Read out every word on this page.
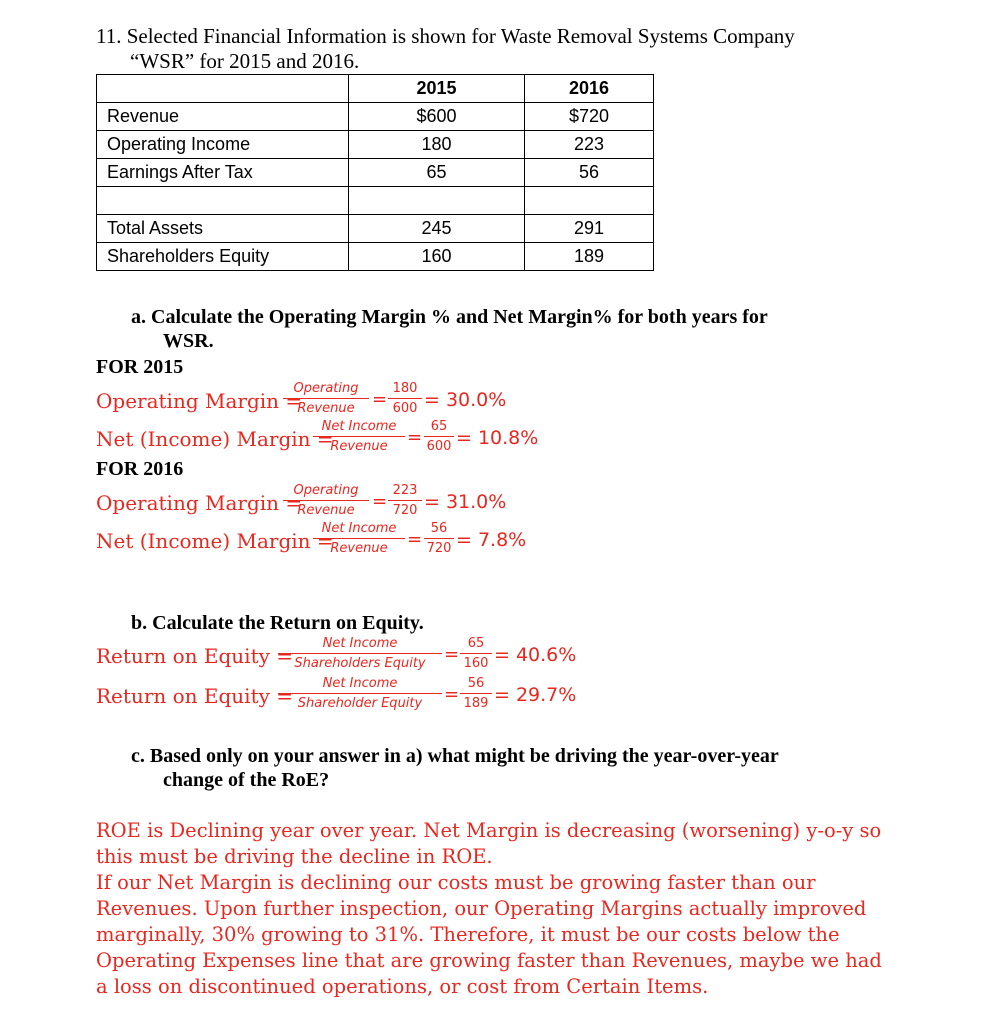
11. Selected Financial Information is shown for Waste Removal Systems Company
“WSR” for 2015 and 2016.
	2015	2016
Revenue	$600	$720
Operating Income	180	223
Earnings After Tax	65	56

Total Assets	245	291
Shareholders Equity	160	189
a. Calculate the Operating Margin % and Net Margin% for both years for
WSR.
FOR 2015
Operating Margin =
Operating
Revenue =
180
600 = 30.0%
Net (Income) Margin =
Net Income
Revenue	=
65
600 = 10.8%
FOR 2016
Operating Margin =
Operating
Revenue =
223
720 = 31.0%
Net (Income) Margin =
Net Income
Revenue	=
56
720 = 7.8%
b. Calculate the Return on Equity.
Return on Equity =
Net Income
Shareholders Equity	=
65
160 = 40.6%
Return on Equity =
Net Income
Shareholder Equity	=
56
189 = 29.7%
c. Based only on your answer in a) what might be driving the year-over-year
change of the RoE?

ROE is Declining year over year. Net Margin is decreasing (worsening) y-o-y so this must be driving the decline in ROE.

If our Net Margin is declining our costs must be growing faster than our Revenues. Upon further inspection, our Operating Margins actually improved marginally, 30% growing to 31%. Therefore, it must be our costs below the Operating Expenses line that are growing faster than Revenues, maybe we had a loss on discontinued operations, or cost from Certain Items.
